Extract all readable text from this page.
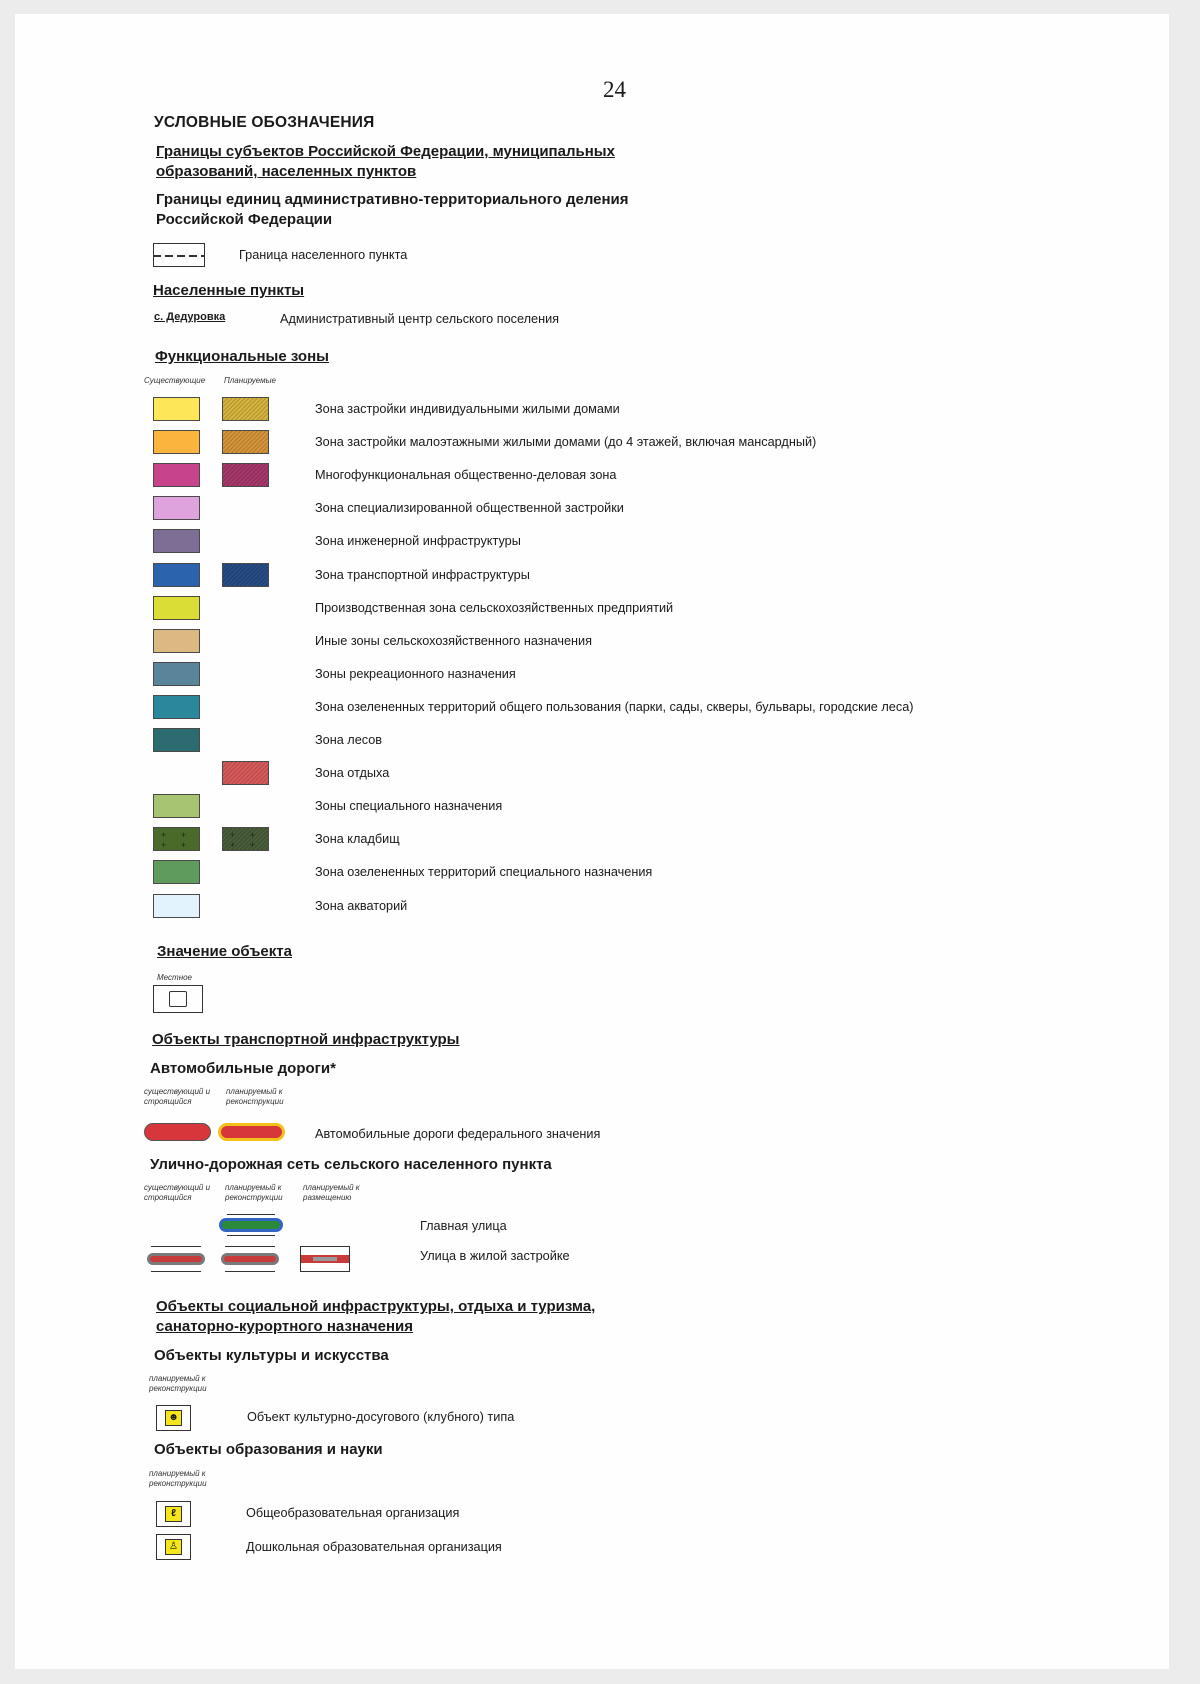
24
УСЛОВНЫЕ ОБОЗНАЧЕНИЯ
Границы субъектов Российской Федерации, муниципальных образований, населенных пунктов
Границы единиц административно-территориального деления Российской Федерации
Граница населенного пункта
Населенные пункты
с. Дедуровка	Административный центр сельского поселения
Функциональные зоны
Существующие Планируемые
Зона застройки индивидуальными жилыми домами
Зона застройки малоэтажными жилыми домами (до 4 этажей, включая мансардный)
Многофункциональная общественно-деловая зона
Зона специализированной общественной застройки
Зона инженерной инфраструктуры
Зона транспортной инфраструктуры
Производственная зона сельскохозяйственных предприятий
Иные зоны сельскохозяйственного назначения
Зоны рекреационного назначения
Зона озелененных территорий общего пользования (парки, сады, скверы, бульвары, городские леса)
Зона лесов
Зона отдыха
Зоны специального назначения
+ + + +
+ + + +	Зона кладбищ
Зона озелененных территорий специального назначения
Зона акваторий
Значение объекта
Местное
Объекты транспортной инфраструктуры
Автомобильные дороги*
существующий и строящийся
планируемый к реконструкции
Автомобильные дороги федерального значения
Улично-дорожная сеть сельского населенного пункта
существующий и строящийся
планируемый к реконструкции
планируемый к размещению
Главная улица
Улица в жилой застройке
Объекты социальной инфраструктуры, отдыха и туризма, санаторно-курортного назначения
Объекты культуры и искусства
планируемый к реконструкции
☻	Объект культурно-досугового (клубного) типа
Объекты образования и науки
планируемый к реконструкции
ℓ	Общеобразовательная организация
♙	Дошкольная образовательная организация
